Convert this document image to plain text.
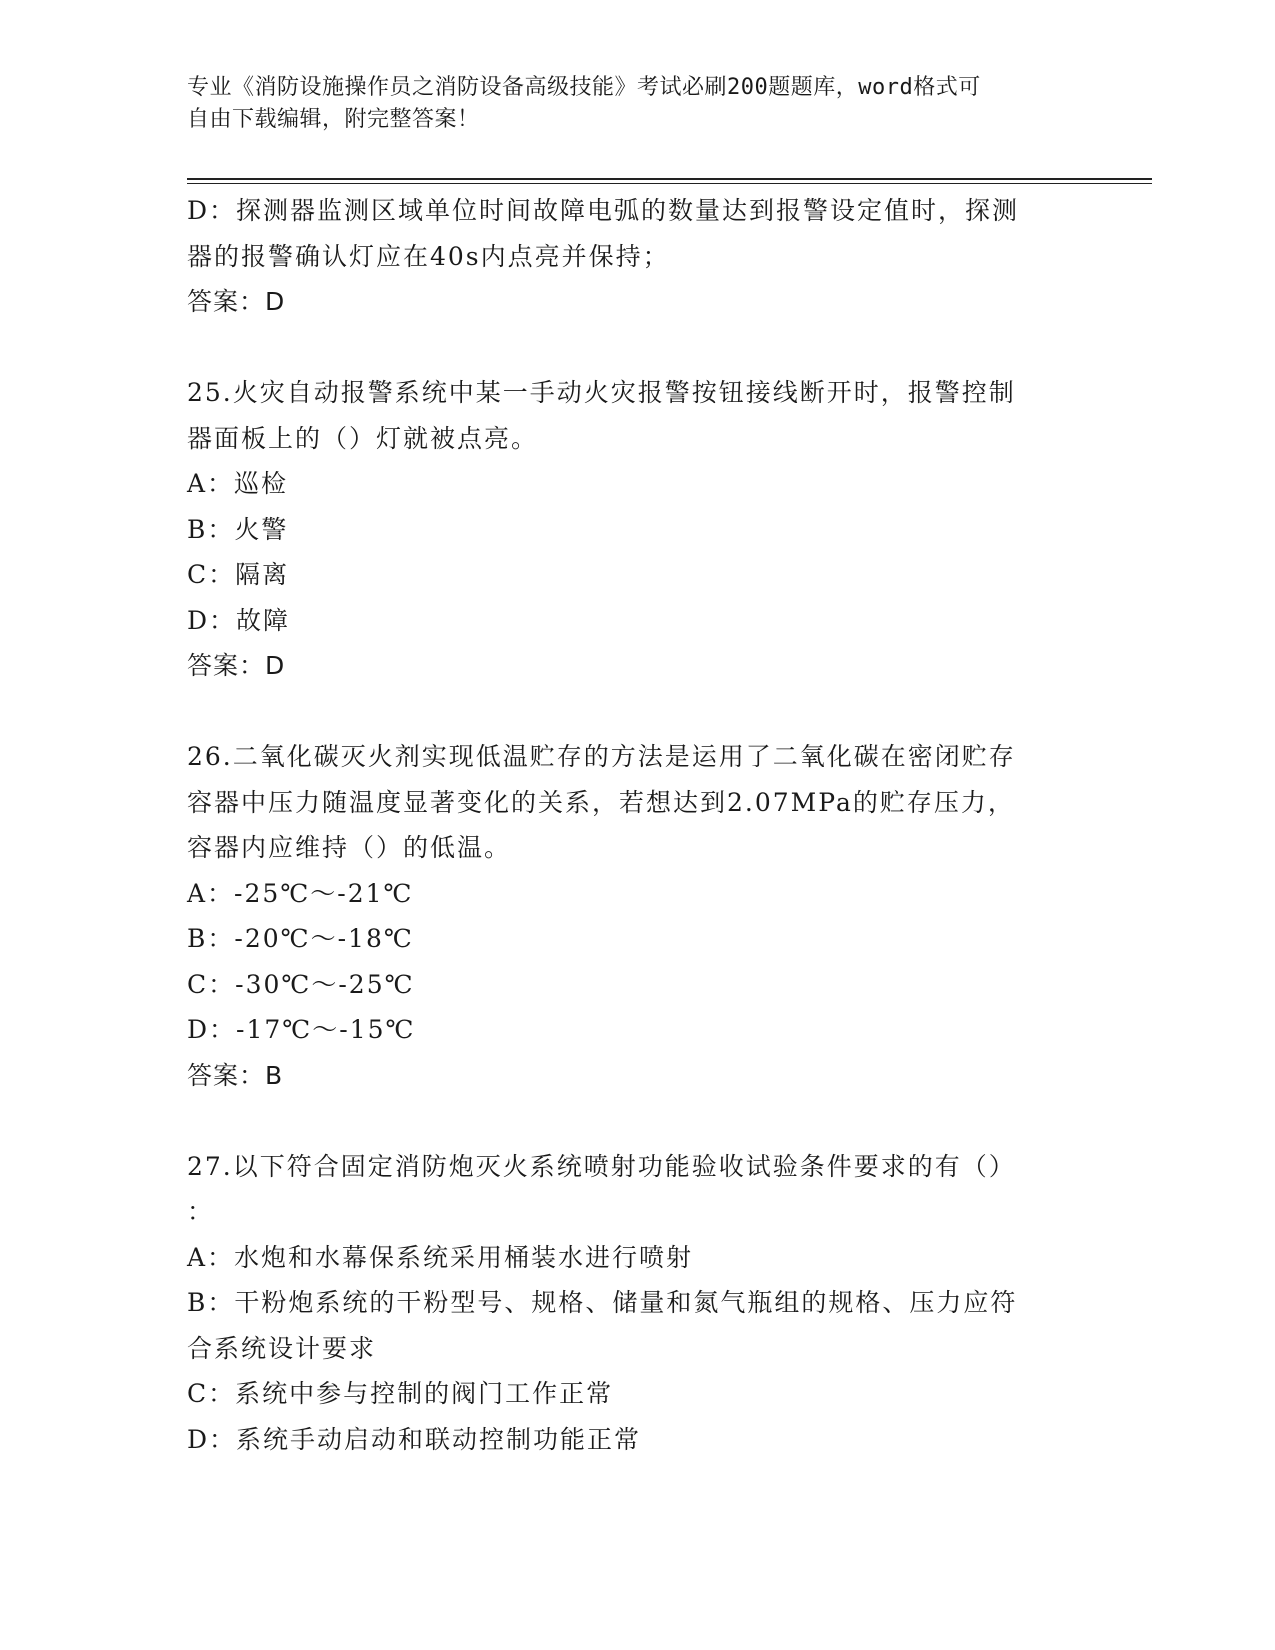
专业《消防设施操作员之消防设备高级技能》考试必刷200题题库，word格式可
自由下载编辑，附完整答案！
D：探测器监测区域单位时间故障电弧的数量达到报警设定值时，探测
器的报警确认灯应在40s内点亮并保持；
答案：D
25.火灾自动报警系统中某一手动火灾报警按钮接线断开时，报警控制
器面板上的（）灯就被点亮。
A：巡检
B：火警
C：隔离
D：故障
答案：D
26.二氧化碳灭火剂实现低温贮存的方法是运用了二氧化碳在密闭贮存
容器中压力随温度显著变化的关系，若想达到2.07MPa的贮存压力，
容器内应维持（）的低温。
A：-25℃～-21℃
B：-20℃～-18℃
C：-30℃～-25℃
D：-17℃～-15℃
答案：B
27.以下符合固定消防炮灭火系统喷射功能验收试验条件要求的有（）
：
A：水炮和水幕保系统采用桶装水进行喷射
B：干粉炮系统的干粉型号、规格、储量和氮气瓶组的规格、压力应符
合系统设计要求
C：系统中参与控制的阀门工作正常
D：系统手动启动和联动控制功能正常
